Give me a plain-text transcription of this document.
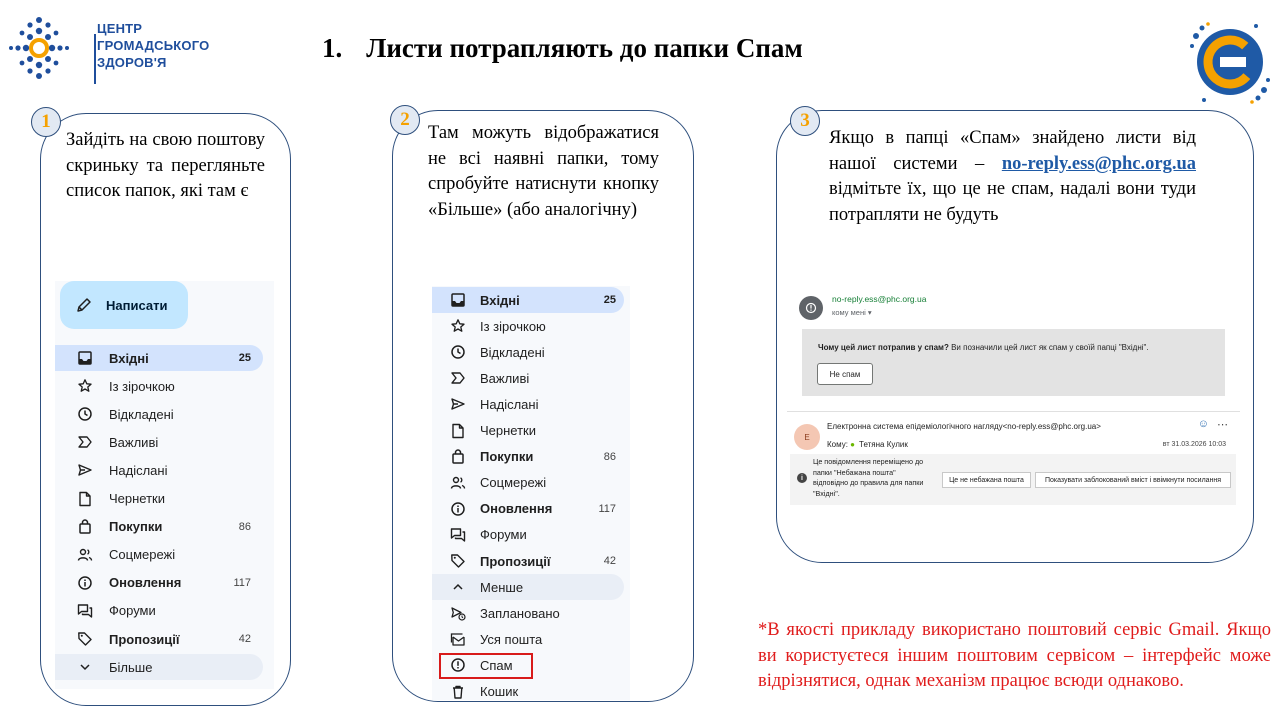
ЦЕНТР
ГРОМАДСЬКОГО
ЗДОРОВ'Я	1. Листи потрапляють до папки Спам
1	2	3
Зайдіть на свою поштову скриньку та перегляньте список папок, які там є
Там можуть відображатися не всі наявні папки, тому спробуйте натиснути кнопку «Більше» (або аналогічну)
Якщо в папці «Спам» знайдено листи від нашої системи – no-reply.ess@phc.org.ua відмітьте їх, що це не спам, надалі вони туди потрапляти не будуть
Написати
Вхідні	25
Із зірочкою
Відкладені
Важливі
Надіслані
Чернетки
Покупки	86
Соцмережі
Оновлення	117
Форуми
Пропозиції	42
Більше
Вхідні	25
Із зірочкою
Відкладені
Важливі
Надіслані
Чернетки
Покупки	86
Соцмережі
Оновлення	117
Форуми
Пропозиції	42
Менше
Заплановано
Уся пошта
Спам
Кошик
no-reply.ess@phc.org.ua
кому мені ▾
Чому цей лист потрапив у спам? Ви позначили цей лист як спам у своїй папці "Вхідні".
Не спам
Е
Електронна система епідеміологічного нагляду<no-reply.ess@phc.org.ua>	☺ ⋯
Кому: ● Тетяна Кулик	вт 31.03.2026 10:03
i
Це повідомлення переміщено до папки "Небажана пошта" відповідно до правила для папки "Вхідні".
Це не небажана пошта	Показувати заблокований вміст і ввімкнути посилання
*В якості прикладу використано поштовий сервіс Gmail. Якщо ви користуєтеся іншим поштовим сервісом – інтерфейс може відрізнятися, однак механізм працює всюди однаково.
